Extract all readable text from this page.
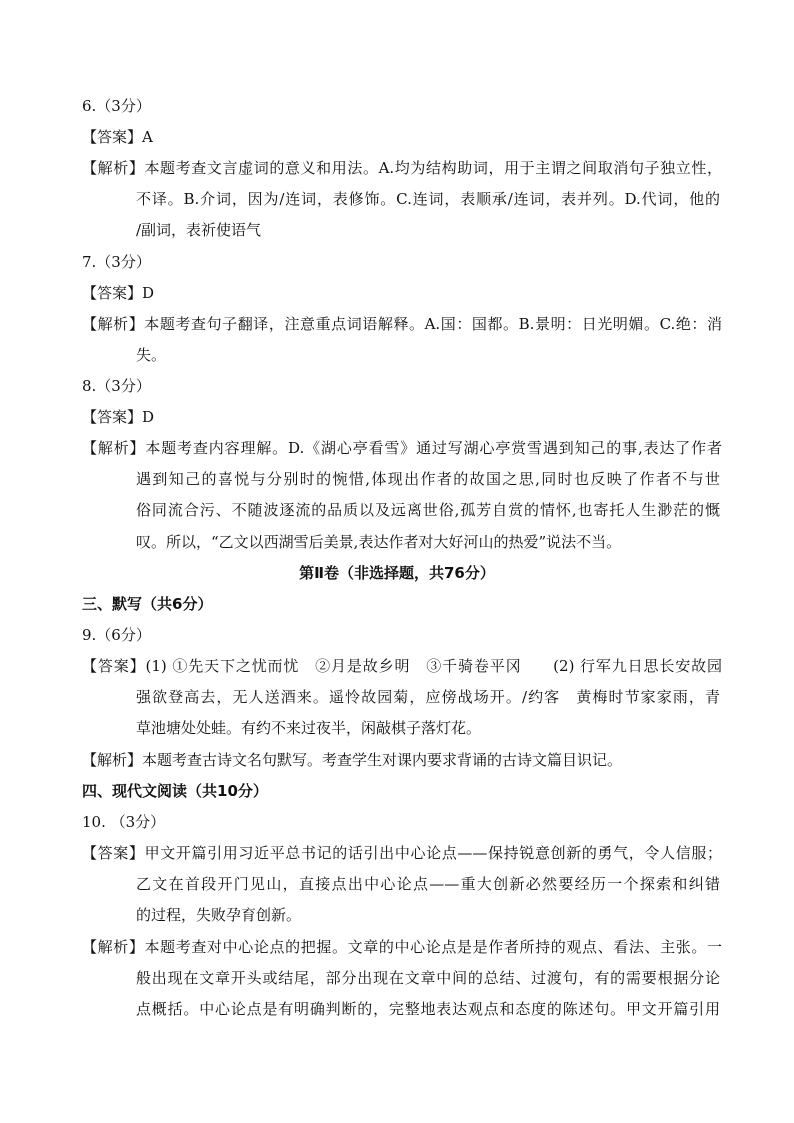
6.（3分）
【答案】A
【解析】本题考查文言虚词的意义和用法。A.均为结构助词，用于主谓之间取消句子独立性，
不译。B.介词，因为/连词，表修饰。C.连词，表顺承/连词，表并列。D.代词，他的
/副词，表祈使语气
7.（3分）
【答案】D
【解析】本题考查句子翻译，注意重点词语解释。A.国：国都。B.景明：日光明媚。C.绝：消
失。
8.（3分）
【答案】D
【解析】本题考查内容理解。D.《湖心亭看雪》通过写湖心亭赏雪遇到知己的事,表达了作者
遇到知己的喜悦与分别时的惋惜,体现出作者的故国之思,同时也反映了作者不与世
俗同流合污、不随波逐流的品质以及远离世俗,孤芳自赏的情怀,也寄托人生渺茫的慨
叹。所以，“乙文以西湖雪后美景,表达作者对大好河山的热爱”说法不当。
第Ⅱ卷（非选择题，共76分）
三、默写（共6分）
9.（6分）
【答案】(1) ①先天下之忧而忧　②月是故乡明　③千骑卷平冈　　(2) 行军九日思长安故园
强欲登高去，无人送酒来。遥怜故园菊，应傍战场开。/约客　黄梅时节家家雨，青
草池塘处处蛙。有约不来过夜半，闲敲棋子落灯花。
【解析】本题考查古诗文名句默写。考查学生对课内要求背诵的古诗文篇目识记。
四、现代文阅读（共10分）
10. （3分）
【答案】甲文开篇引用习近平总书记的话引出中心论点——保持锐意创新的勇气，令人信服；
乙文在首段开门见山，直接点出中心论点——重大创新必然要经历一个探索和纠错
的过程，失败孕育创新。
【解析】本题考查对中心论点的把握。文章的中心论点是是作者所持的观点、看法、主张。一
般出现在文章开头或结尾，部分出现在文章中间的总结、过渡句，有的需要根据分论
点概括。中心论点是有明确判断的，完整地表达观点和态度的陈述句。甲文开篇引用
